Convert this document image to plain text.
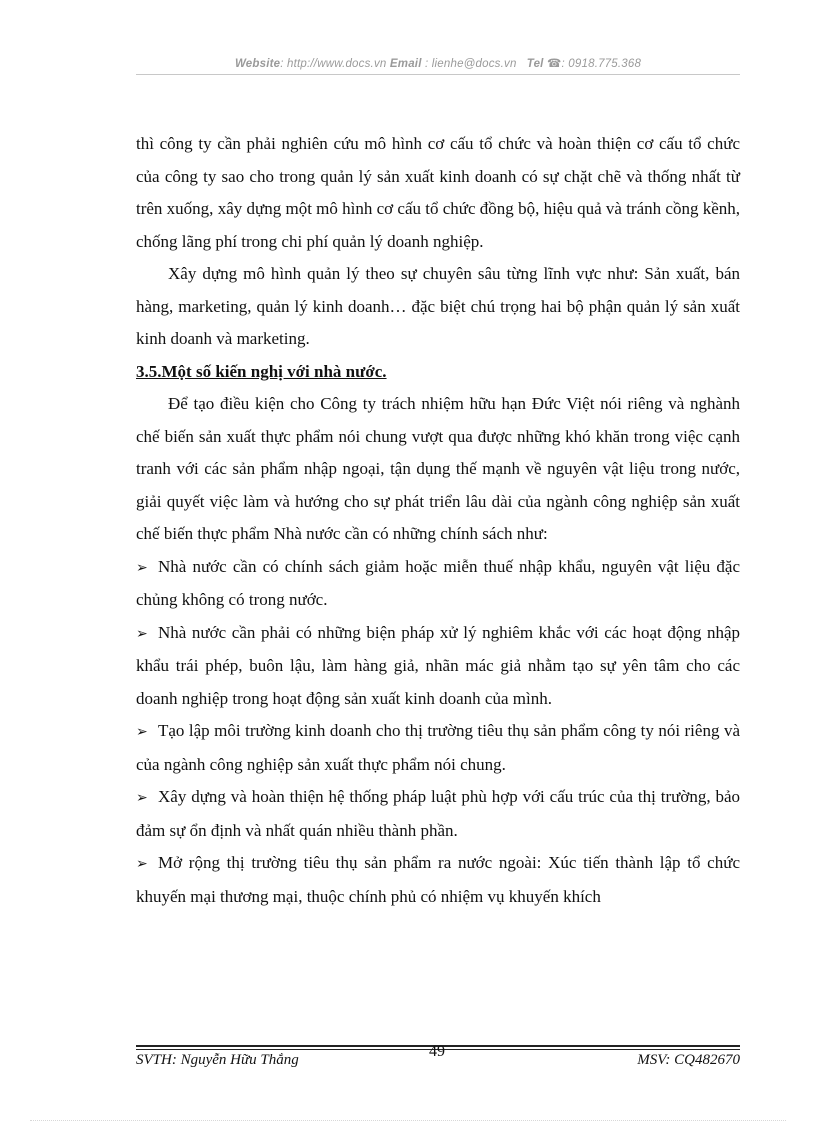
Website: http://www.docs.vn Email : lienhe@docs.vn Tel ☎: 0918.775.368

thì công ty cần phải nghiên cứu mô hình cơ cấu tổ chức và hoàn thiện cơ cấu tổ chức của công ty sao cho trong quản lý sản xuất kinh doanh có sự chặt chẽ và thống nhất từ trên xuống, xây dựng một mô hình cơ cấu tổ chức đồng bộ, hiệu quả và tránh cồng kềnh, chống lãng phí trong chi phí quản lý doanh nghiệp.

Xây dựng mô hình quản lý theo sự chuyên sâu từng lĩnh vực như: Sản xuất, bán hàng, marketing, quản lý kinh doanh… đặc biệt chú trọng hai bộ phận quản lý sản xuất kinh doanh và marketing.

3.5.Một số kiến nghị với nhà nước.

Để tạo điều kiện cho Công ty trách nhiệm hữu hạn Đức Việt nói riêng và nghành chế biến sản xuất thực phẩm nói chung vượt qua được những khó khăn trong việc cạnh tranh với các sản phẩm nhập ngoại, tận dụng thế mạnh về nguyên vật liệu trong nước, giải quyết việc làm và hướng cho sự phát triển lâu dài của ngành công nghiệp sản xuất chế biến thực phẩm Nhà nước cần có những chính sách như:

➢ Nhà nước cần có chính sách giảm hoặc miễn thuế nhập khẩu, nguyên vật liệu đặc chủng không có trong nước.

➢ Nhà nước cần phải có những biện pháp xử lý nghiêm khắc với các hoạt động nhập khẩu trái phép, buôn lậu, làm hàng giả, nhãn mác giả nhằm tạo sự yên tâm cho các doanh nghiệp trong hoạt động sản xuất kinh doanh của mình.

➢ Tạo lập môi trường kinh doanh cho thị trường tiêu thụ sản phẩm công ty nói riêng và của ngành công nghiệp sản xuất thực phẩm nói chung.

➢ Xây dựng và hoàn thiện hệ thống pháp luật phù hợp với cấu trúc của thị trường, bảo đảm sự ổn định và nhất quán nhiều thành phần.

➢ Mở rộng thị trường tiêu thụ sản phẩm ra nước ngoài: Xúc tiến thành lập tổ chức khuyến mại thương mại, thuộc chính phủ có nhiệm vụ khuyến khích

SVTH: Nguyễn Hữu Thắng	49	MSV: CQ482670
